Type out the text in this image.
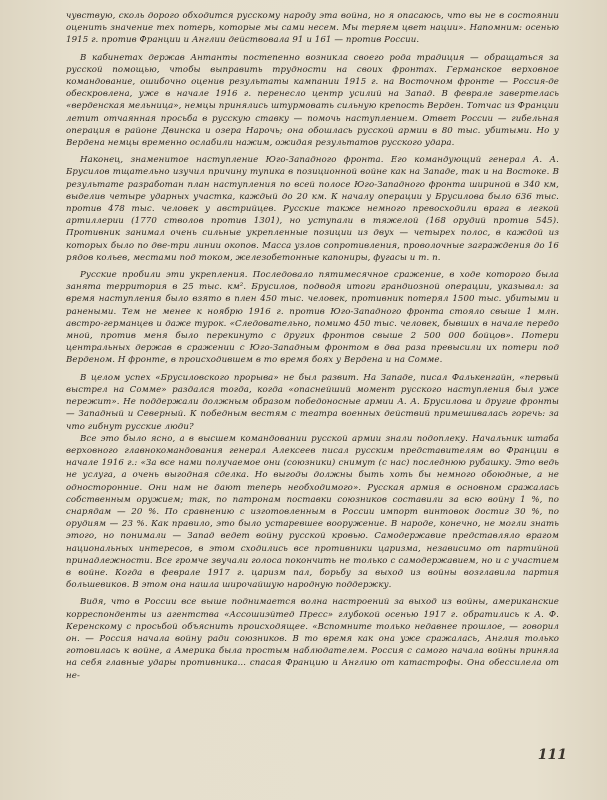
чувствую, сколь дорого обходится русскому народу эта война, но я опасаюсь, что вы не в состоянии оценить значение тех потерь, которые мы сами несем. Мы теряем цвет нации». Напомним: осенью 1915 г. против Франции и Англии действовала 91 и 161 — против России.

В кабинетах держав Антанты постепенно возникла своего рода традиция — обращаться за русской помощью, чтобы выправить трудности на своих фронтах. Германское верховное командование, ошибочно оценив результаты кампании 1915 г. на Восточном фронте — Россия-де обескровлена, уже в начале 1916 г. перенесло центр усилий на Запад. В феврале завертелась «верденская мельница», немцы принялись штурмовать сильную крепость Верден. Тотчас из Франции летит отчаянная просьба в русскую ставку — помочь наступлением. Ответ России — гибельная операция в районе Двинска и озера Нарочь; она обошлась русской армии в 80 тыс. убитыми. Но у Вердена немцы временно ослабили нажим, ожидая результатов русского удара.

Наконец, знаменитое наступление Юго-Западного фронта. Его командующий генерал А. А. Брусилов тщательно изучил причину тупика в позиционной войне как на Западе, так и на Востоке. В результате разработан план наступления по всей полосе Юго-Западного фронта шириной в 340 км, выделив четыре ударных участка, каждый до 20 км. К началу операции у Брусилова было 636 тыс. против 478 тыс. человек у австрийцев. Русские также немного превосходили врага в легкой артиллерии (1770 стволов против 1301), но уступали в тяжелой (168 орудий против 545). Противник занимал очень сильные укрепленные позиции из двух — четырех полос, в каждой из которых было по две-три линии окопов. Масса узлов сопротивления, проволочные заграждения до 16 рядов кольев, местами под током, железобетонные капониры, фугасы и т. п.

Русские пробили эти укрепления. Последовало пятимесячное сражение, в ходе которого была занята территория в 25 тыс. км². Брусилов, подводя итоги грандиозной операции, указывал: за время наступления было взято в плен 450 тыс. человек, противник потерял 1500 тыс. убитыми и ранеными. Тем не менее к ноябрю 1916 г. против Юго-Западного фронта стояло свыше 1 млн. австро-германцев и даже турок. «Следовательно, помимо 450 тыс. человек, бывших в начале передо мной, против меня было перекинуто с других фронтов свыше 2 500 000 бойцов». Потери центральных держав в сражении с Юго-Западным фронтом в два раза превысили их потери под Верденом. Н фронте, в происходившем в то время боях у Вердена и на Сомме.

В целом успех «Брусиловского прорыва» не был развит. На Западе, писал Фалькенгайн, «первый выстрел на Сомме» раздался тогда, когда «опаснейший момент русского наступления был уже пережит». Не поддержали должным образом победоносные армии А. А. Брусилова и другие фронты — Западный и Северный. К победным вестям с театра военных действий примешивалась горечь: за что гибнут русские люди?

Все это было ясно, а в высшем командовании русской армии знали подоплеку. Начальник штаба верховного главнокомандования генерал Алексеев писал русским представителям во Франции в начале 1916 г.: «За все нами получаемое они (союзники) снимут (с нас) последнюю рубашку. Это ведь не услуга, а очень выгодная сделка. Но выгоды должны быть хоть бы немного обоюдные, а не односторонние. Они нам не дают теперь необходимого». Русская армия в основном сражалась собственным оружием; так, по патронам поставки союзников составили за всю войну 1 %, по снарядам — 20 %. По сравнению с изготовленным в России импорт винтовок достиг 30 %, по орудиям — 23 %. Как правило, это было устаревшее вооружение. В народе, конечно, не могли знать этого, но понимали — Запад ведет войну русской кровью. Самодержавие представляло врагом национальных интересов, в этом сходились все противники царизма, независимо от партийной принадлежности. Все громче звучали голоса покончить не только с самодержавием, но и с участием в войне. Когда в феврале 1917 г. царизм пал, борьбу за выход из войны возглавила партия большевиков. В этом она нашла широчайшую народную поддержку.

Видя, что в России все выше поднимается волна настроений за выход из войны, американские корреспонденты из агентства «Ассошиэйтед Пресс» глубокой осенью 1917 г. обратились к А. Ф. Керенскому с просьбой объяснить происходящее. «Вспомните только недавнее прошлое, — говорил он. — Россия начала войну ради союзников. В то время как она уже сражалась, Англия только готовилась к войне, а Америка была простым наблюдателем. Россия с самого начала войны приняла на себя главные удары противника... спасая Францию и Англию от катастрофы. Она обессилела от не-

111
